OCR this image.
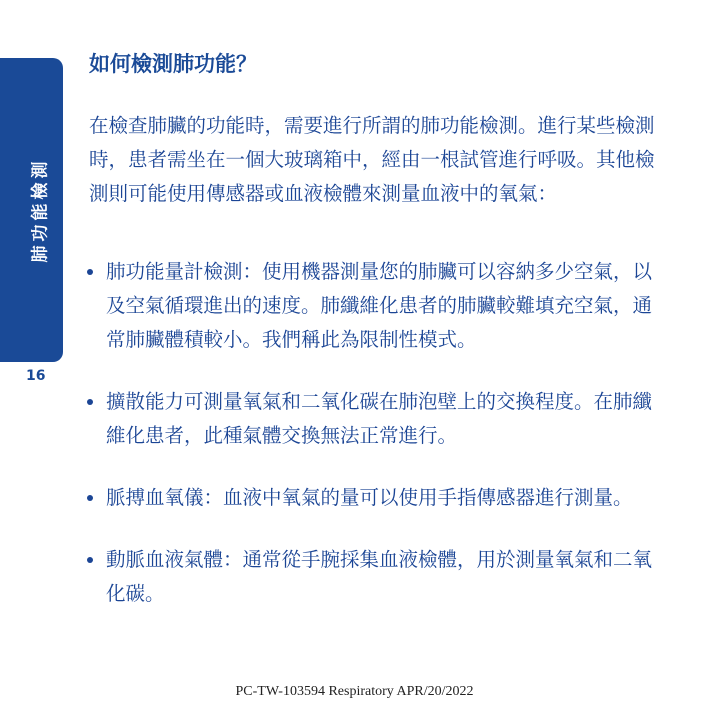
肺功能檢測
16
如何檢測肺功能？

在檢查肺臟的功能時，需要進行所謂的肺功能檢測。進行某些檢測時，患者需坐在一個大玻璃箱中，經由一根試管進行呼吸。其他檢測則可能使用傳感器或血液檢體來測量血液中的氧氣：

肺功能量計檢測：使用機器測量您的肺臟可以容納多少空氣，以及空氣循環進出的速度。肺纖維化患者的肺臟較難填充空氣，通常肺臟體積較小。我們稱此為限制性模式。
擴散能力可測量氧氣和二氧化碳在肺泡壁上的交換程度。在肺纖維化患者，此種氣體交換無法正常進行。
脈搏血氧儀：血液中氧氣的量可以使用手指傳感器進行測量。
動脈血液氣體：通常從手腕採集血液檢體，用於測量氧氣和二氧化碳。
PC-TW-103594 Respiratory APR/20/2022
